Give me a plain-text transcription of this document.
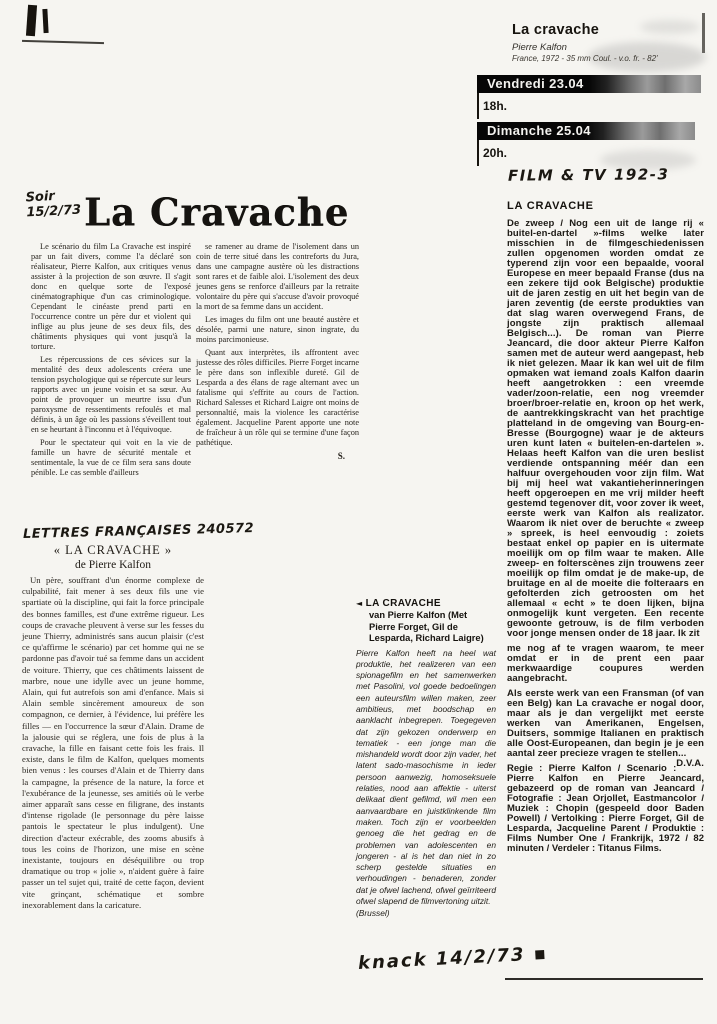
La cravache
Pierre Kalfon
France, 1972 - 35 mm Coul. - v.o. fr. - 82'
Vendredi 23.04
18h.
Dimanche 25.04
20h.
Soir
15/2/73
FILM & TV 192-3
LETTRES FRANÇAISES 240572
knack 14/2/73 ▪
La Cravache

Le scénario du film La Cravache est inspiré par un fait divers, comme l'a déclaré son réalisateur, Pierre Kalfon, aux critiques venus assister à la projection de son œuvre. Il s'agit donc en quelque sorte de l'exposé cinématographique d'un cas criminologique. Cependant le cinéaste prend parti en l'occurrence contre un père dur et violent qui inflige au plus jeune de ses deux fils, des châtiments physiques qui vont jusqu'à la torture.

Les répercussions de ces sévices sur la mentalité des deux adolescents créera une tension psychologique qui se répercute sur leurs rapports avec un jeune voisin et sa sœur. Au point de provoquer un meurtre issu d'un paroxysme de ressentiments refoulés et mal définis, à un âge où les passions s'éveillent tout en se heurtant à l'inconnu et à l'équivoque.

Pour le spectateur qui voit en la vie de famille un havre de sécurité mentale et sentimentale, la vue de ce film sera sans doute pénible. Le cas semble d'ailleurs

se ramener au drame de l'isolement dans un coin de terre situé dans les contreforts du Jura, dans une campagne austère où les distractions sont rares et de faible aloi. L'isolement des deux jeunes gens se renforce d'ailleurs par la retraite volontaire du père qui s'accuse d'avoir provoqué la mort de sa femme dans un accident.

Les images du film ont une beauté austère et désolée, parmi une nature, sinon ingrate, du moins parcimonieuse.

Quant aux interprètes, ils affrontent avec justesse des rôles difficiles. Pierre Forget incarne le père dans son inflexible dureté. Gil de Lesparda a des élans de rage alternant avec un fatalisme qui s'effrite au cours de l'action. Richard Salesses et Richard Laigre ont moins de personnaltié, mais la violence les caractérise également. Jacqueline Parent apporte une note de fraîcheur à un rôle qui se termine d'une façon pathétique.

S.
« LA CRAVACHE »
de Pierre Kalfon

Un père, souffrant d'un énorme complexe de culpabilité, fait mener à ses deux fils une vie spartiate où la discipline, qui fait la force principale des bonnes familles, est d'une extrême rigueur. Les coups de cravache pleuvent à verse sur les fesses du jeune Thierry, administrés sans aucun plaisir (c'est ce qu'affirme le scénario) par cet homme qui ne se pardonne pas d'avoir tué sa femme dans un accident de voiture. Thierry, que ces châtiments laissent de marbre, noue une idylle avec un jeune homme, Alain, qui fut autrefois son ami d'enfance. Mais si Alain semble sincèrement amoureux de son compagnon, ce dernier, à l'évidence, lui préfère les filles — en l'occurrence la sœur d'Alain. Drame de la jalousie qui se réglera, une fois de plus à la cravache, la fille en faisant cette fois les frais. Il existe, dans le film de Kalfon, quelques moments bien venus : les courses d'Alain et de Thierry dans la campagne, la présence de la nature, la force et l'exubérance de la jeunesse, ses amitiés où le verbe aimer apparaît sans cesse en filigrane, des instants d'intense rigolade (le personnage du père laisse pantois le spectateur le plus indulgent). Une direction d'acteur exécrable, des zooms abusifs à tous les coins de l'horizon, une mise en scène inexistante, toujours en déséquilibre ou trop dramatique ou trop « jolie », n'aident guère à faire passer un tel sujet qui, traité de cette façon, devient vite grinçant, schématique et sombre inexorablement dans la caricature.

◄ LA CRAVACHE
van Pierre Kalfon (Met Pierre Forget, Gil de Lesparda, Richard Laigre)

Pierre Kalfon heeft na heel wat produktie, het realizeren van een spionagefilm en het samenwerken met Pasolini, vol goede bedoelingen een auteursfilm willen maken, zeer ambitieus, met boodschap en aanklacht inbegrepen. Toegegeven dat zijn gekozen onderwerp en tematiek - een jonge man die mishandeld wordt door zijn vader, het latent sado-masochisme in ieder persoon aanwezig, homoseksuele relaties, nood aan affektie - uiterst delikaat dient gefilmd, wil men een aanvaardbare en juistklinkende film maken. Toch zijn er voorbeelden genoeg die het gedrag en de problemen van adolescenten en jongeren - al is het dan niet in zo scherp gestelde situaties en verhoudingen - benaderen, zonder dat je ofwel lachend, ofwel geïrriteerd ofwel slapend de filmvertoning uitzit.

(Brussel)
LA CRAVACHE

De zweep / Nog een uit de lange rij « buitel-en-dartel »-films welke later misschien in de filmgeschiedenissen zullen opgenomen worden omdat ze typerend zijn voor een bepaalde, vooral Europese en meer bepaald Franse (dus na een zekere tijd ook Belgische) produktie uit de jaren zestig en uit het begin van de jaren zeventig (de eerste produkties van dat slag waren overwegend Frans, de jongste zijn praktisch allemaal Belgisch...). De roman van Pierre Jeancard, die door akteur Pierre Kalfon samen met de auteur werd aangepast, heb ik niet gelezen. Maar ik kan wel uit de film opmaken wat iemand zoals Kalfon daarin heeft aangetrokken : een vreemde vader/zoon-relatie, een nog vreemder broer/broer-relatie en, kroon op het werk, de aantrekkingskracht van het prachtige platteland in de omgeving van Bourg-en-Bresse (Bourgogne) waar je de akteurs uren kunt laten « buitelen-en-dartelen ». Helaas heeft Kalfon van die uren beslist verdiende ontspanning méér dan een halfuur overgehouden voor zijn film. Wat bij mij heel wat vakantieherinneringen heeft opgeroepen en me vrij milder heeft gestemd tegenover dit, voor zover ik weet, eerste werk van Kalfon als realizator. Waarom ik niet over de beruchte « zweep » spreek, is heel eenvoudig : zoiets bestaat enkel op papier en is uitermate moeilijk om op film waar te maken. Alle zweep- en folterscènes zijn trouwens zeer moeilijk op film omdat je de make-up, de bruitage en al de moeite die folteraars en gefolterden zich getroosten om het allemaal « echt » te doen lijken, bijna onmogelijk kunt vergeten. Een recente gewoonte getrouw, is de film verboden voor jonge mensen onder de 18 jaar. Ik zit

me nog af te vragen waarom, te meer omdat er in de prent een paar merkwaardige coupures werden aangebracht.

Als eerste werk van een Fransman (of van een Belg) kan La cravache er nogal door, maar als je dan vergelijkt met eerste werken van Amerikanen, Engelsen, Duitsers, sommige Italianen en praktisch alle Oost-Europeanen, dan begin je je een aantal zeer precieze vragen te stellen...
D.V.A.

Regie : Pierre Kalfon / Scenario : Pierre Kalfon en Pierre Jeancard, gebazeerd op de roman van Jeancard / Fotografie : Jean Orjollet, Eastmancolor / Muziek : Chopin (gespeeld door Baden Powell) / Vertolking : Pierre Forget, Gil de Lesparda, Jacqueline Parent / Produktie : Films Number One / Frankrijk, 1972 / 82 minuten / Verdeler : Titanus Films.
